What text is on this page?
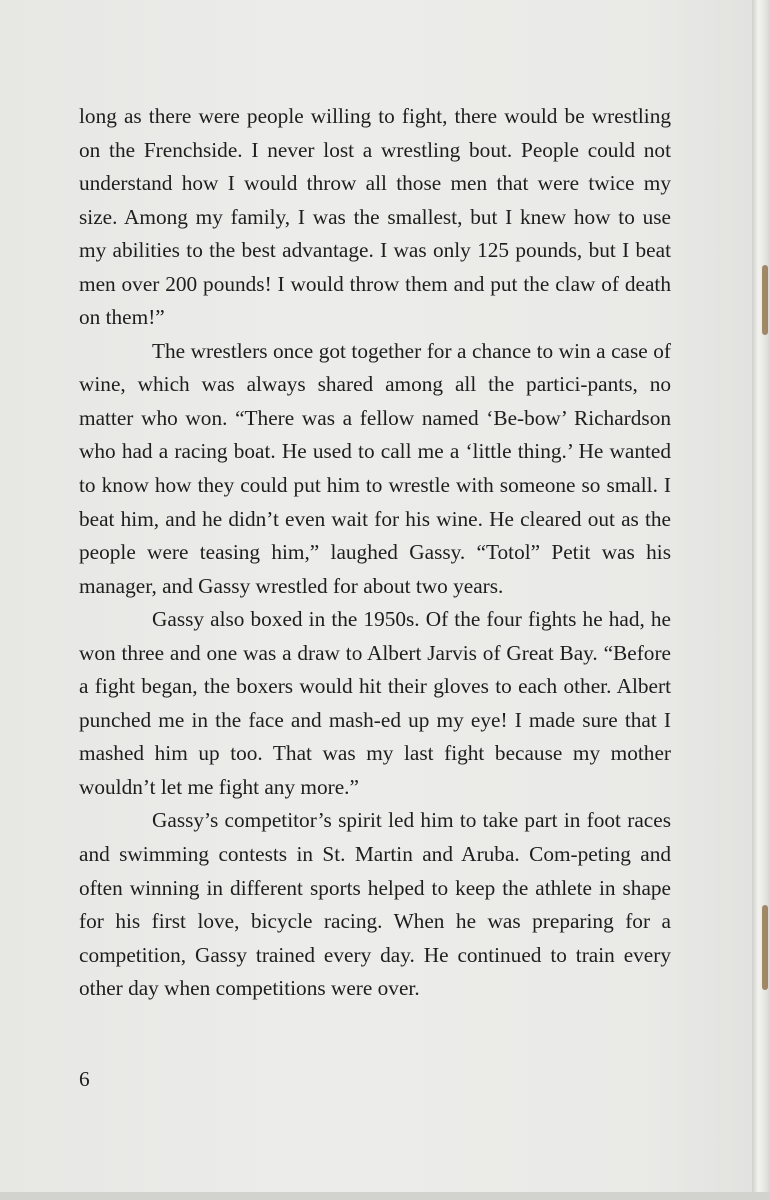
long as there were people willing to fight, there would be wrestling on the Frenchside. I never lost a wrestling bout. People could not understand how I would throw all those men that were twice my size. Among my family, I was the smallest, but I knew how to use my abilities to the best advantage. I was only 125 pounds, but I beat men over 200 pounds! I would throw them and put the claw of death on them!”

The wrestlers once got together for a chance to win a case of wine, which was always shared among all the partici-pants, no matter who won. “There was a fellow named ‘Be-bow’ Richardson who had a racing boat. He used to call me a ‘little thing.’ He wanted to know how they could put him to wrestle with someone so small. I beat him, and he didn’t even wait for his wine. He cleared out as the people were teasing him,” laughed Gassy. “Totol” Petit was his manager, and Gassy wrestled for about two years.

Gassy also boxed in the 1950s. Of the four fights he had, he won three and one was a draw to Albert Jarvis of Great Bay. “Before a fight began, the boxers would hit their gloves to each other. Albert punched me in the face and mash-ed up my eye! I made sure that I mashed him up too. That was my last fight because my mother wouldn’t let me fight any more.”

Gassy’s competitor’s spirit led him to take part in foot races and swimming contests in St. Martin and Aruba. Com-peting and often winning in different sports helped to keep the athlete in shape for his first love, bicycle racing. When he was preparing for a competition, Gassy trained every day. He continued to train every other day when competitions were over.

6
